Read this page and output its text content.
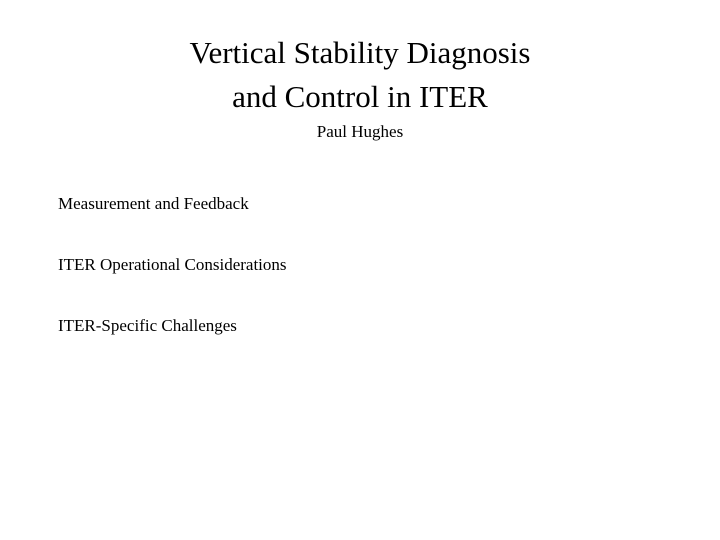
Vertical Stability Diagnosis
and Control in ITER

Paul Hughes

Measurement and Feedback
ITER Operational Considerations
ITER-Specific Challenges
